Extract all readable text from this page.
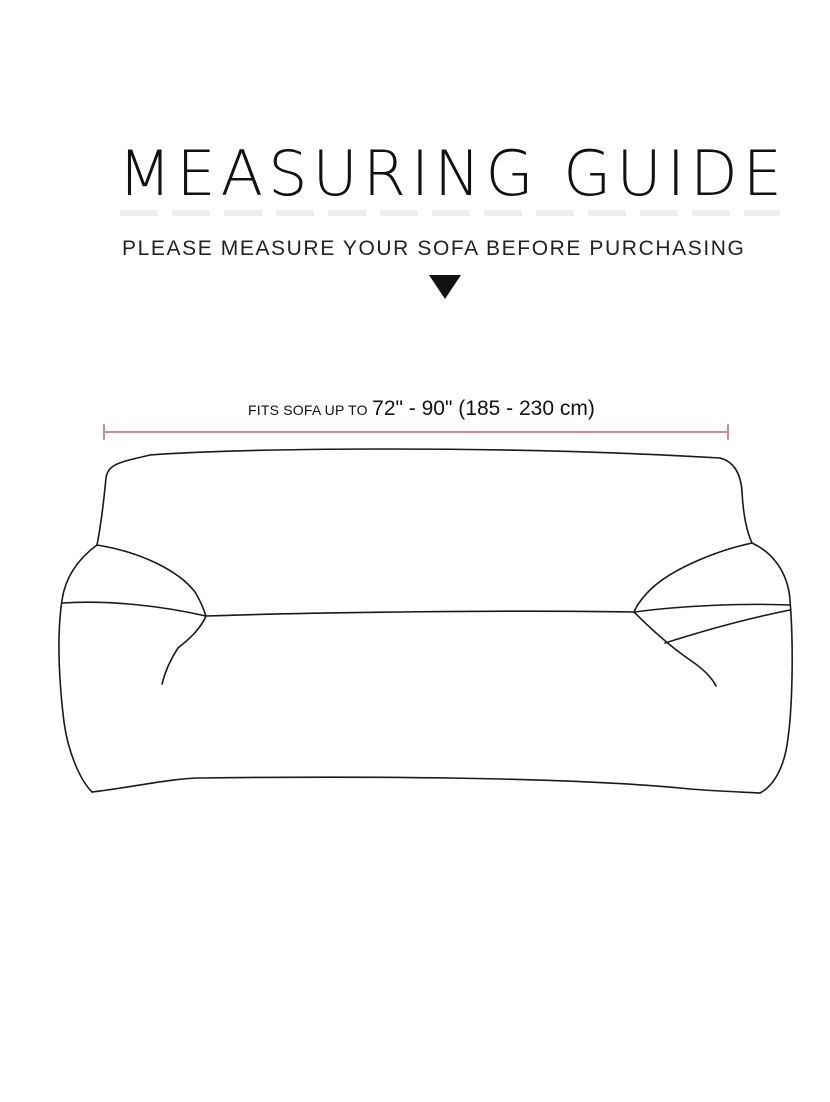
MEASURING GUIDE

PLEASE MEASURE YOUR SOFA BEFORE PURCHASING

FITS SOFA UP TO 72" - 90" (185 - 230 cm)
